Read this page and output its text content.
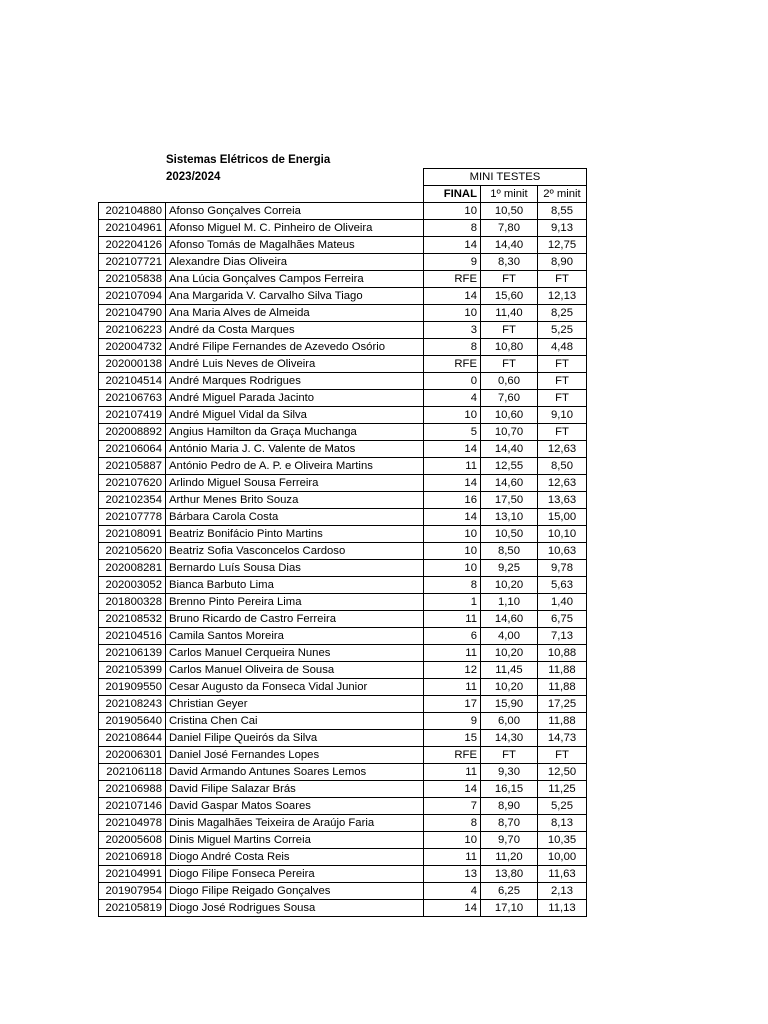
Sistemas Elétricos de Energia
2023/2024
			MINI TESTES		
		FINAL	1º minit	2º minit
202104880	Afonso Gonçalves Correia	10	10,50	8,55
202104961	Afonso Miguel M. C. Pinheiro de Oliveira	8	7,80	9,13
202204126	Afonso Tomás de Magalhães Mateus	14	14,40	12,75
202107721	Alexandre Dias Oliveira	9	8,30	8,90
202105838	Ana Lúcia Gonçalves Campos Ferreira	RFE	FT	FT
202107094	Ana Margarida V. Carvalho Silva Tiago	14	15,60	12,13
202104790	Ana Maria Alves de Almeida	10	11,40	8,25
202106223	André da Costa Marques	3	FT	5,25
202004732	André Filipe Fernandes de Azevedo Osório	8	10,80	4,48
202000138	André Luis Neves de Oliveira	RFE	FT	FT
202104514	André Marques Rodrigues	0	0,60	FT
202106763	André Miguel Parada Jacinto	4	7,60	FT
202107419	André Miguel Vidal da Silva	10	10,60	9,10
202008892	Angius Hamilton da Graça Muchanga	5	10,70	FT
202106064	António Maria J. C. Valente de Matos	14	14,40	12,63
202105887	António Pedro de A. P. e Oliveira Martins	11	12,55	8,50
202107620	Arlindo Miguel Sousa Ferreira	14	14,60	12,63
202102354	Arthur Menes Brito Souza	16	17,50	13,63
202107778	Bárbara Carola Costa	14	13,10	15,00
202108091	Beatriz Bonifácio Pinto Martins	10	10,50	10,10
202105620	Beatriz Sofia Vasconcelos Cardoso	10	8,50	10,63
202008281	Bernardo Luís Sousa Dias	10	9,25	9,78
202003052	Bianca Barbuto Lima	8	10,20	5,63
201800328	Brenno Pinto Pereira Lima	1	1,10	1,40
202108532	Bruno Ricardo de Castro Ferreira	11	14,60	6,75
202104516	Camila Santos Moreira	6	4,00	7,13
202106139	Carlos Manuel Cerqueira Nunes	11	10,20	10,88
202105399	Carlos Manuel Oliveira de Sousa	12	11,45	11,88
201909550	Cesar Augusto da Fonseca Vidal Junior	11	10,20	11,88
202108243	Christian Geyer	17	15,90	17,25
201905640	Cristina Chen Cai	9	6,00	11,88
202108644	Daniel Filipe Queirós da Silva	15	14,30	14,73
202006301	Daniel José Fernandes Lopes	RFE	FT	FT
202106118	David Armando Antunes Soares Lemos	11	9,30	12,50
202106988	David Filipe Salazar Brás	14	16,15	11,25
202107146	David Gaspar Matos Soares	7	8,90	5,25
202104978	Dinis Magalhães Teixeira de Araújo Faria	8	8,70	8,13
202005608	Dinis Miguel Martins Correia	10	9,70	10,35
202106918	Diogo André Costa Reis	11	11,20	10,00
202104991	Diogo Filipe Fonseca Pereira	13	13,80	11,63
201907954	Diogo Filipe Reigado Gonçalves	4	6,25	2,13
202105819	Diogo José Rodrigues Sousa	14	17,10	11,13
